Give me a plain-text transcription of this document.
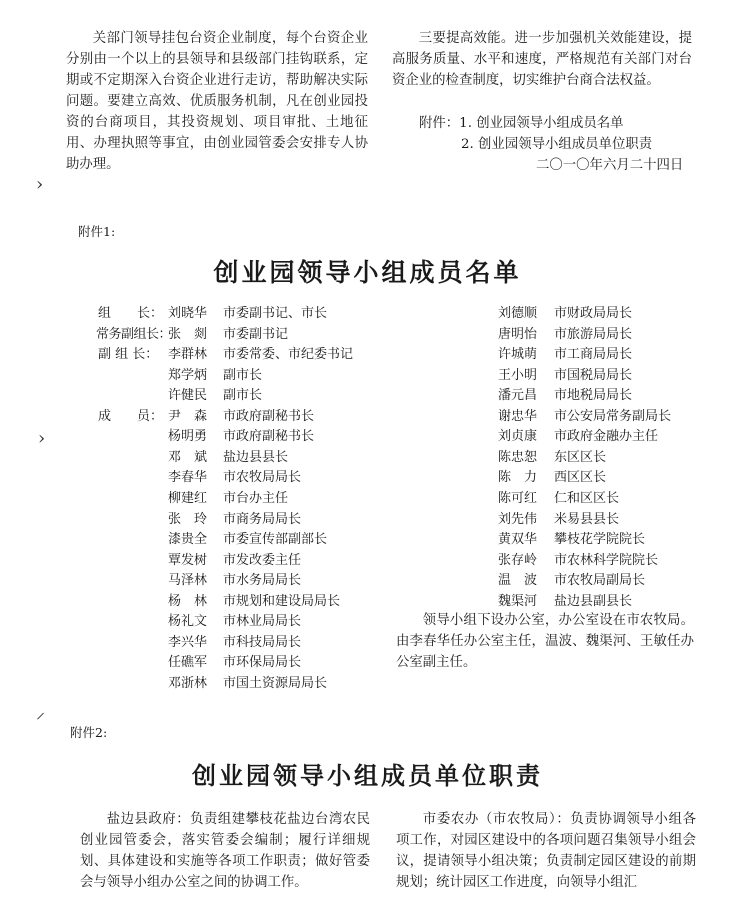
关部门领导挂包台资企业制度，每个台资企业分别由一个以上的县领导和县级部门挂钩联系，定期或不定期深入台资企业进行走访，帮助解决实际问题。要建立高效、优质服务机制，凡在创业园投资的台商项目，其投资规划、项目审批、土地征用、办理执照等事宜，由创业园管委会安排专人协助办理。

三要提高效能。进一步加强机关效能建设，提高服务质量、水平和速度，严格规范有关部门对台资企业的检查制度，切实维护台商合法权益。

附件：1. 创业园领导小组成员名单
2. 创业园领导小组成员单位职责
二〇一〇年六月二十四日
›
›
⸝
附件1:
创业园领导小组成员名单
组　　长： 刘晓华 市委副书记、市长
常务副组长：
张　剡 市委副书记
副 组 长： 李群林 市委常委、市纪委书记
郑学炳 副市长
许健民 副市长
成　　员： 尹　森 市政府副秘书长
杨明勇 市政府副秘书长
邓　斌 盐边县县长
李春华 市农牧局局长
柳建红 市台办主任
张　玲 市商务局局长
漆贵全 市委宣传部副部长
覃发树 市发改委主任
马泽林 市水务局局长
杨　林 市规划和建设局局长
杨礼文 市林业局局长
李兴华 市科技局局长
任礁军 市环保局局长
邓浙林 市国土资源局局长
刘德顺 市财政局局长
唐明怡 市旅游局局长
许城萌 市工商局局长
王小明 市国税局局长
潘元昌 市地税局局长
谢忠华 市公安局常务副局长
刘贞康 市政府金融办主任
陈忠恕 东区区长
陈　力 西区区长
陈可红 仁和区区长
刘先伟 米易县县长
黄双华 攀枝花学院院长
张存岭 市农林科学院院长
温　波 市农牧局副局长
魏渠河 盐边县副县长

领导小组下设办公室，办公室设在市农牧局。由李春华任办公室主任，温波、魏渠河、王敏任办公室副主任。

附件2:
创业园领导小组成员单位职责

盐边县政府：负责组建攀枝花盐边台湾农民创业园管委会，落实管委会编制；履行详细规划、具体建设和实施等各项工作职责；做好管委会与领导小组办公室之间的协调工作。

市委农办（市农牧局）：负责协调领导小组各项工作，对园区建设中的各项问题召集领导小组会议，提请领导小组决策；负责制定园区建设的前期规划；统计园区工作进度，向领导小组汇
